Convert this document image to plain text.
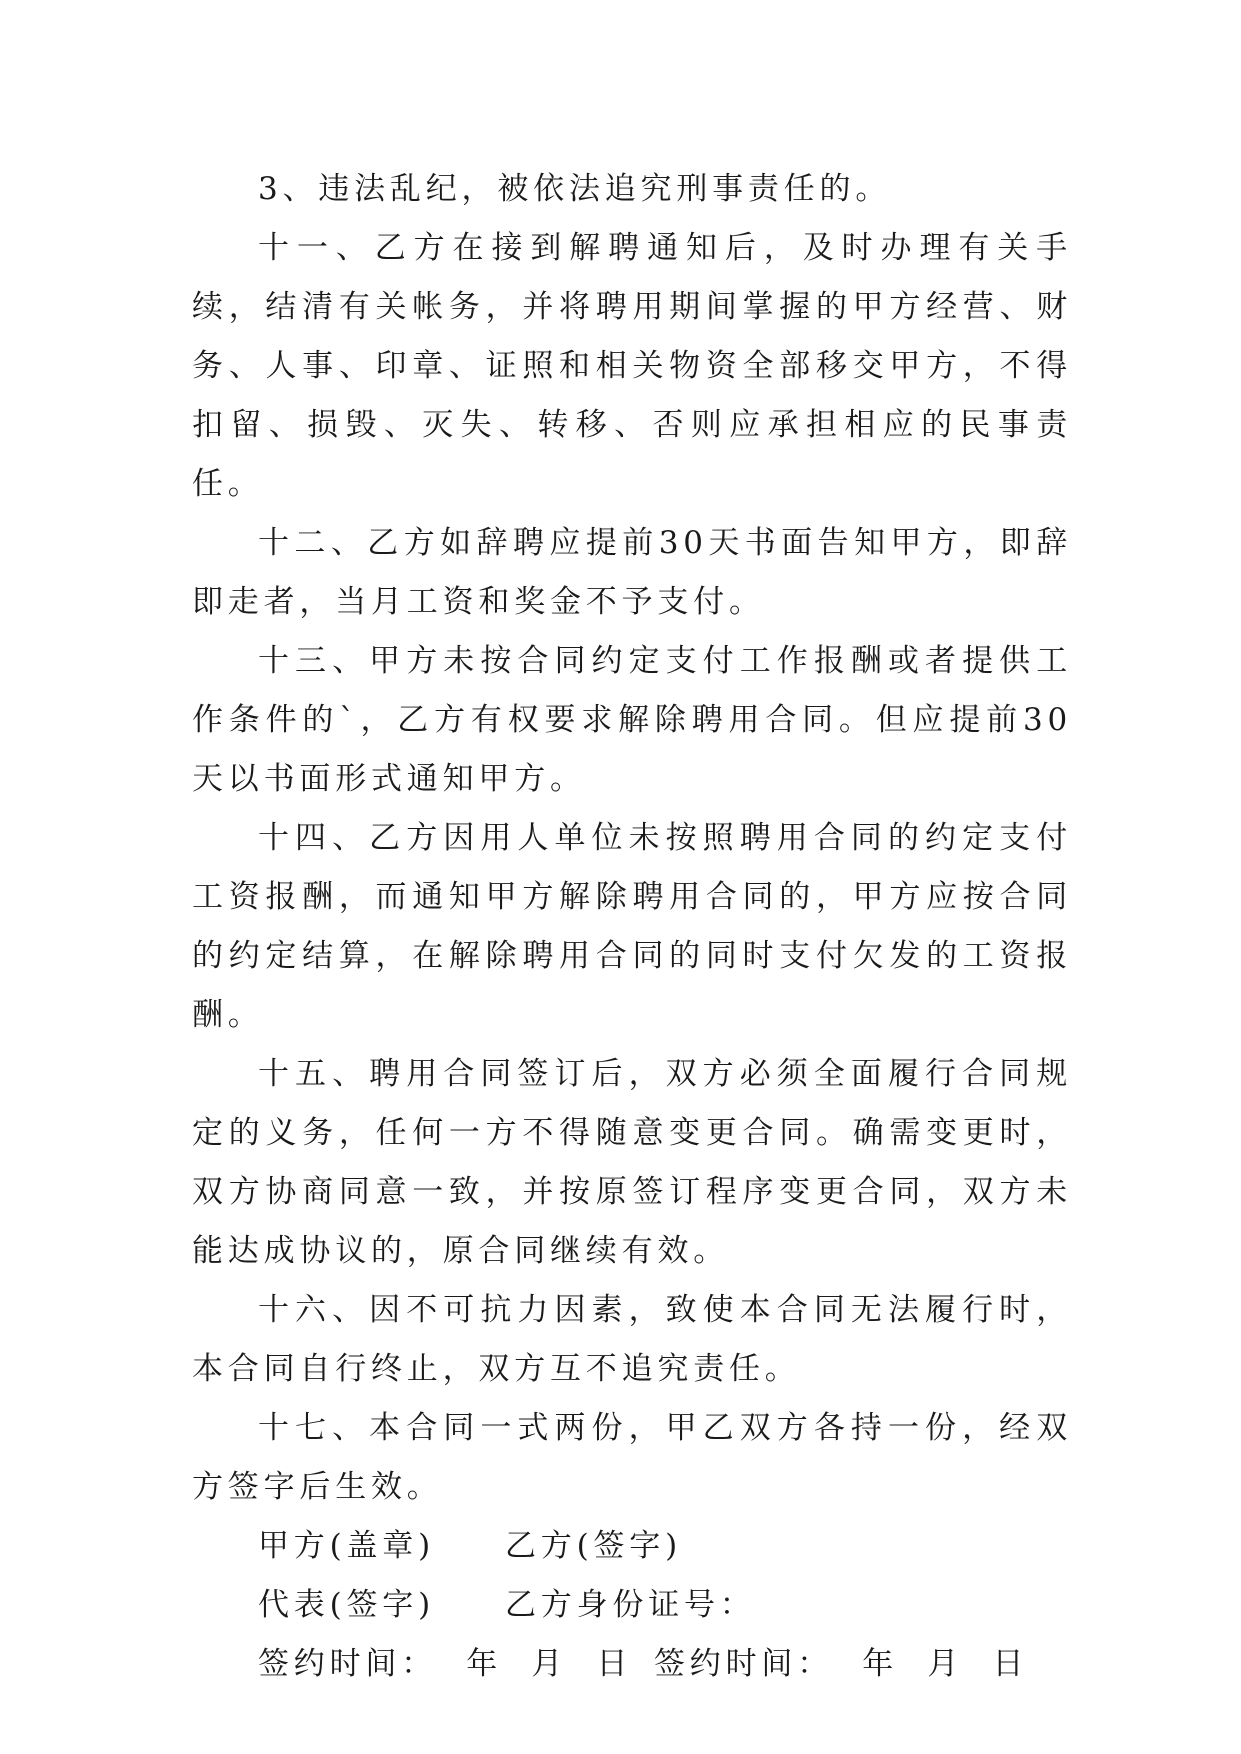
3、违法乱纪，被依法追究刑事责任的。

十一、乙方在接到解聘通知后，及时办理有关手续，结清有关帐务，并将聘用期间掌握的甲方经营、财务、人事、印章、证照和相关物资全部移交甲方，不得扣留、损毁、灭失、转移、否则应承担相应的民事责任。

十二、乙方如辞聘应提前30天书面告知甲方，即辞即走者，当月工资和奖金不予支付。

十三、甲方未按合同约定支付工作报酬或者提供工作条件的`，乙方有权要求解除聘用合同。但应提前30天以书面形式通知甲方。

十四、乙方因用人单位未按照聘用合同的约定支付工资报酬，而通知甲方解除聘用合同的，甲方应按合同的约定结算，在解除聘用合同的同时支付欠发的工资报酬。

十五、聘用合同签订后，双方必须全面履行合同规定的义务，任何一方不得随意变更合同。确需变更时，双方协商同意一致，并按原签订程序变更合同，双方未能达成协议的，原合同继续有效。

十六、因不可抗力因素，致使本合同无法履行时，本合同自行终止，双方互不追究责任。

十七、本合同一式两份，甲乙双方各持一份，经双方签字后生效。

甲方(盖章) 乙方(签字)
代表(签字) 乙方身份证号：
签约时间：  年  月  日 签约时间：  年  月  日
